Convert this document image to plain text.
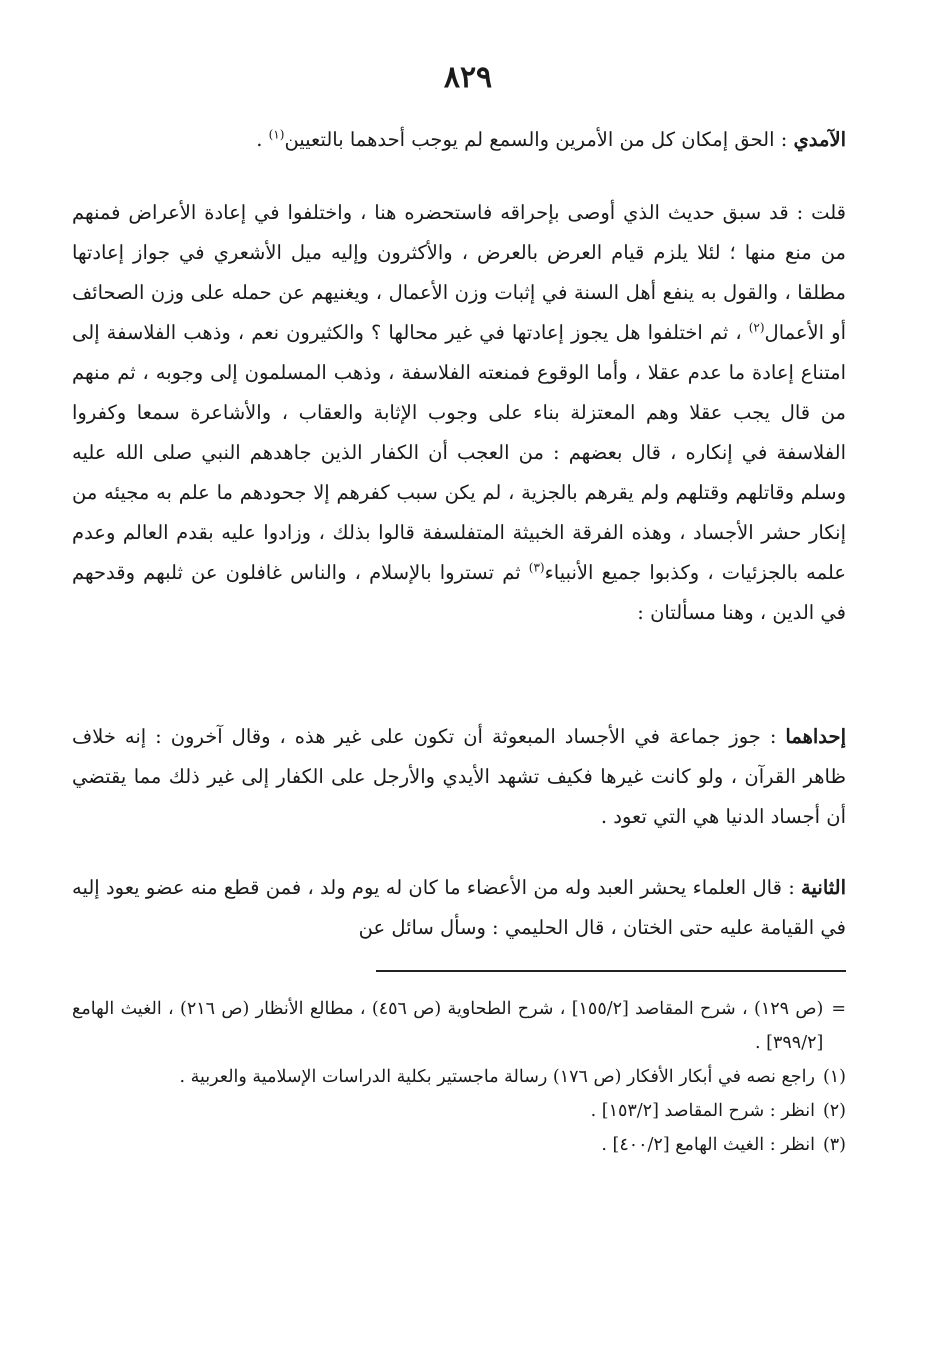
٨٢٩
الآمدي : الحق إمكان كل من الأمرين والسمع لم يوجب أحدهما بالتعيين$^{(١)}$ .
قلت : قد سبق حديث الذي أوصى بإحراقه فاستحضره هنا ، واختلفوا في إعادة الأعراض فمنهم من منع منها ؛ لئلا يلزم قيام العرض بالعرض ، والأكثرون وإليه ميل الأشعري في جواز إعادتها مطلقا ، والقول به ينفع أهل السنة في إثبات وزن الأعمال ، ويغنيهم عن حمله على وزن الصحائف أو الأعمال$^{(٢)}$ ، ثم اختلفوا هل يجوز إعادتها في غير محالها ؟ والكثيرون نعم ، وذهب الفلاسفة إلى امتناع إعادة ما عدم عقلا ، وأما الوقوع فمنعته الفلاسفة ، وذهب المسلمون إلى وجوبه ، ثم منهم من قال يجب عقلا وهم المعتزلة بناء على وجوب الإثابة والعقاب ، والأشاعرة سمعا وكفروا الفلاسفة في إنكاره ، قال بعضهم : من العجب أن الكفار الذين جاهدهم النبي صلى الله عليه وسلم وقاتلهم وقتلهم ولم يقرهم بالجزية ، لم يكن سبب كفرهم إلا جحودهم ما علم به مجيئه من إنكار حشر الأجساد ، وهذه الفرقة الخبيثة المتفلسفة قالوا بذلك ، وزادوا عليه بقدم العالم وعدم علمه بالجزئيات ، وكذبوا جميع الأنبياء$^{(٣)}$ ثم تستروا بالإسلام ، والناس غافلون عن ثلبهم وقدحهم في الدين ، وهنا مسألتان :
إحداهما : جوز جماعة في الأجساد المبعوثة أن تكون على غير هذه ، وقال آخرون : إنه خلاف ظاهر القرآن ، ولو كانت غيرها فكيف تشهد الأيدي والأرجل على الكفار إلى غير ذلك مما يقتضي أن أجساد الدنيا هي التي تعود .
الثانية : قال العلماء يحشر العبد وله من الأعضاء ما كان له يوم ولد ، فمن قطع منه عضو يعود إليه في القيامة عليه حتى الختان ، قال الحليمي : وسأل سائل عن
=
(ص ١٢٩) ، شرح المقاصد [١٥٥/٢] ، شرح الطحاوية (ص ٤٥٦) ، مطالع الأنظار (ص ٢١٦) ، الغيث الهامع [٣٩٩/٢] .
(١)
راجع نصه في أبكار الأفكار (ص ١٧٦) رسالة ماجستير بكلية الدراسات الإسلامية والعربية .
(٢)
انظر : شرح المقاصد [١٥٣/٢] .
(٣)
انظر : الغيث الهامع [٤٠٠/٢] .
